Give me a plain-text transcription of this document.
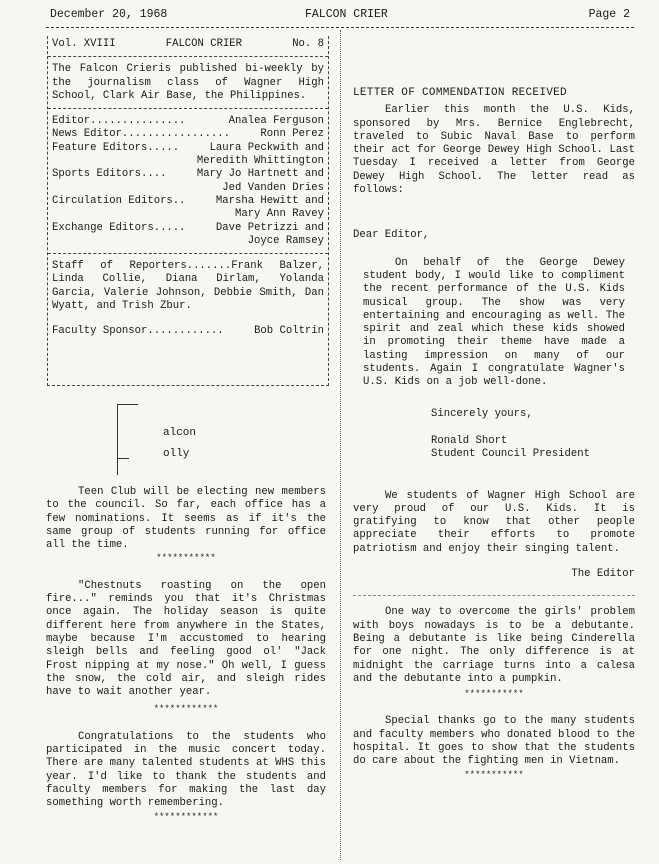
December 20, 1968	FALCON CRIER	Page 2
Vol. XVIII	FALCON CRIER	No. 8

The Falcon Crieris published bi-weekly by the journalism class of Wagner High School, Clark Air Base, the Philippines.

Editor...............	Analea Ferguson
News Editor.................	Ronn Perez
Feature Editors.....	Laura Peckwith and
Meredith Whittington
Sports Editors....	Mary Jo Hartnett and
Jed Vanden Dries
Circulation Editors..	Marsha Hewitt and
Mary Ann Ravey
Exchange Editors.....	Dave Petrizzi and
Joyce Ramsey

Staff of Reporters.......Frank Balzer, Linda Collie, Diana Dirlam, Yolanda Garcia, Valerie Johnson, Debbie Smith, Dan Wyatt, and Trish Zbur.

Faculty Sponsor............	Bob Coltrin
alcon
olly

Teen Club will be electing new members to the council. So far, each office has a few nominations. It seems as if it's the same group of students running for office all the time.

***********

"Chestnuts roasting on the open fire..." reminds you that it's Christmas once again. The holiday season is quite different here from anywhere in the States, maybe because I'm accustomed to hearing sleigh bells and feeling good ol' "Jack Frost nipping at my nose." Oh well, I guess the snow, the cold air, and sleigh rides have to wait another year.

************

Congratulations to the students who participated in the music concert today. There are many talented students at WHS this year. I'd like to thank the students and faculty members for making the last day something worth remembering.

************
LETTER OF COMMENDATION RECEIVED

Earlier this month the U.S. Kids, sponsored by Mrs. Bernice Englebrecht, traveled to Subic Naval Base to perform their act for George Dewey High School. Last Tuesday I received a letter from George Dewey High School. The letter read as follows:

Dear Editor,

On behalf of the George Dewey student body, I would like to compliment the recent performance of the U.S. Kids musical group. The show was very entertaining and encouraging as well. The spirit and zeal which these kids showed in promoting their theme have made a lasting impression on many of our students. Again I congratulate Wagner's U.S. Kids on a job well-done.

Sincerely yours,
Ronald Short
Student Council President

We students of Wagner High School are very proud of our U.S. Kids. It is gratifying to know that other people appreciate their efforts to promote patriotism and enjoy their singing talent.

The Editor

One way to overcome the girls' problem with boys nowadays is to be a debutante. Being a debutante is like being Cinderella for one night. The only difference is at midnight the carriage turns into a calesa and the debutante into a pumpkin.

***********

Special thanks go to the many students and faculty members who donated blood to the hospital. It goes to show that the students do care about the fighting men in Vietnam.

***********
